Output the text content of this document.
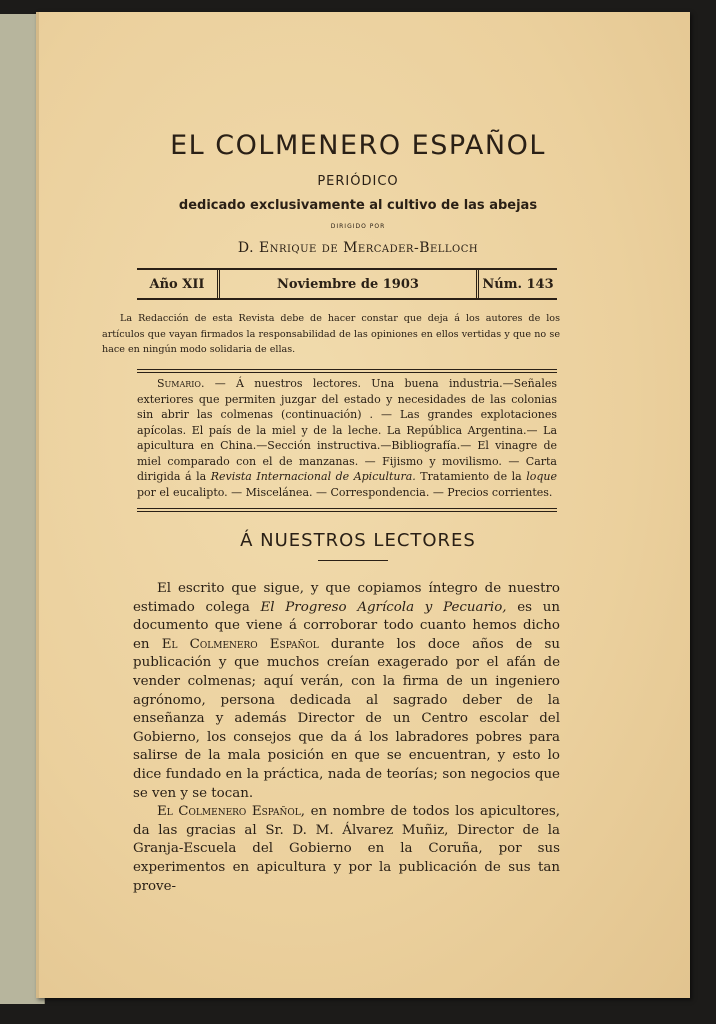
EL COLMENERO ESPAÑOL
PERIÓDICO
dedicado exclusivamente al cultivo de las abejas
DIRIGIDO POR
D. Enrique de Mercader-Belloch
Año XII	Noviembre de 1903	Núm. 143
La Redacción de esta Revista debe de hacer constar que deja á los autores de los artículos que vayan firmados la responsabilidad de las opiniones en ellos vertidas y que no se hace en ningún modo solidaria de ellas.
Sumario. — Á nuestros lectores. Una buena industria.—Señales exteriores que permiten juzgar del estado y necesidades de las colonias sin abrir las colmenas (continuación) . — Las grandes explotaciones apícolas. El país de la miel y de la leche. La República Argentina.— La apicultura en China.—Sección instructiva.—Bibliografía.— El vinagre de miel comparado con el de manzanas. — Fijismo y movilismo. — Carta dirigida á la Revista Internacional de Apicultura. Tratamiento de la loque por el eucalipto. — Miscelánea. — Correspondencia. — Precios corrientes.
Á NUESTROS LECTORES

El escrito que sigue, y que copiamos íntegro de nuestro estimado colega El Progreso Agrícola y Pecuario, es un documento que viene á corroborar todo cuanto hemos dicho en El Colmenero Español durante los doce años de su publicación y que muchos creían exagerado por el afán de vender colmenas; aquí verán, con la firma de un ingeniero agrónomo, persona dedicada al sagrado deber de la enseñanza y además Director de un Centro escolar del Gobierno, los consejos que da á los labradores pobres para salirse de la mala posición en que se encuentran, y esto lo dice fundado en la práctica, nada de teorías; son negocios que se ven y se tocan.

El Colmenero Español, en nombre de todos los apicultores, da las gracias al Sr. D. M. Álvarez Muñiz, Director de la Granja-Escuela del Gobierno en la Coruña, por sus experimentos en apicultura y por la publicación de sus tan prove-
